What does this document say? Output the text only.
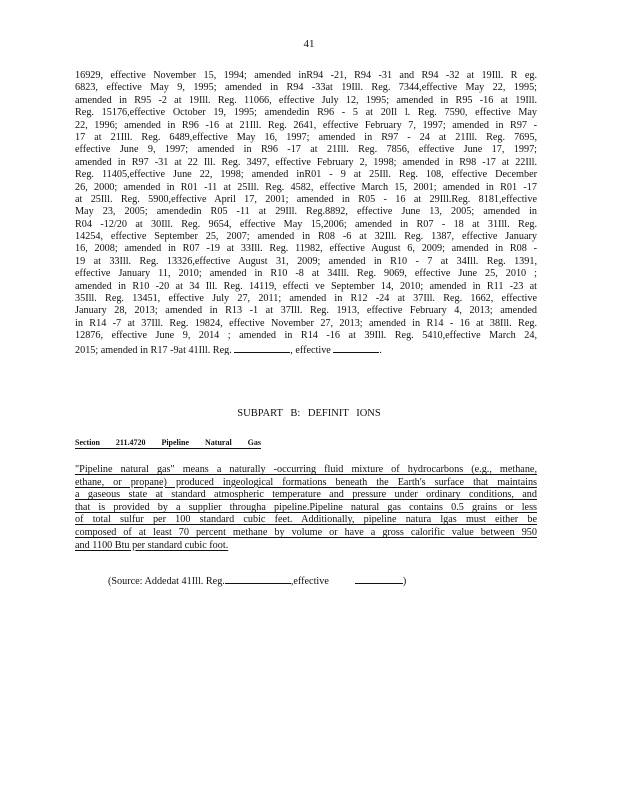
41
16929, effective November 15, 1994; amended inR94 -21, R94 -31 and R94 -32 at 19Ill. R eg.
6823, effective May 9, 1995; amended in R94 -33at 19Ill. Reg. 7344,effective May 22, 1995;
amended in R95 -2 at 19Ill. Reg. 11066, effective July 12, 1995; amended in R95 -16 at 19Ill.
Reg. 15176,effective October 19, 1995; amendedin R96 - 5 at 20Il l. Reg. 7590, effective May
22, 1996; amended in R96 -16 at 21Ill. Reg. 2641, effective February 7, 1997; amended in R97 -
17 at 21Ill. Reg. 6489,effective May 16, 1997; amended in R97 - 24 at 21Ill. Reg. 7695,
effective June 9, 1997; amended in R96 -17 at 21Ill. Reg. 7856, effective June 17, 1997;
amended in R97 -31 at 22 Ill. Reg. 3497, effective February 2, 1998; amended in R98 -17 at 22Ill.
Reg. 11405,effective June 22, 1998; amended inR01 - 9 at 25Ill. Reg. 108, effective December
26, 2000; amended in R01 -11 at 25Ill. Reg. 4582, effective March 15, 2001; amended in R01 -17
at 25Ill. Reg. 5900,effective April 17, 2001; amended in R05 - 16 at 29Ill.Reg. 8181,effective
May 23, 2005; amendedin R05 -11 at 29Ill. Reg.8892, effective June 13, 2005; amended in
R04 -12/20 at 30Ill. Reg. 9654, effective May 15,2006; amended in R07 - 18 at 31Ill. Reg.
14254, effective September 25, 2007; amended in R08 -6 at 32Ill. Reg. 1387, effective January
16, 2008; amended in R07 -19 at 33Ill. Reg. 11982, effective August 6, 2009; amended in R08 -
19 at 33Ill. Reg. 13326,effective August 31, 2009; amended in R10 - 7 at 34Ill. Reg. 1391,
effective January 11, 2010; amended in R10 -8 at 34Ill. Reg. 9069, effective June 25, 2010 ;
amended in R10 -20 at 34 Ill. Reg. 14119, effecti ve September 14, 2010; amended in R11 -23 at
35Ill. Reg. 13451, effective July 27, 2011; amended in R12 -24 at 37Ill. Reg. 1662, effective
January 28, 2013; amended in R13 -1 at 37Ill. Reg. 1913, effective February 4, 2013; amended
in R14 -7 at 37Ill. Reg. 19824, effective November 27, 2013; amended in R14 - 16 at 38Ill. Reg.
12876, effective June 9, 2014 ; amended in R14 -16 at 39Ill. Reg. 5410,effective March 24,
2015; amended in R17 -9at 41Ill. Reg.	, effective	.
SUBPART B: DEFINIT IONS
Section 211.4720 Pipeline Natural Gas
"Pipeline natural gas" means a naturally -occurring fluid mixture of hydrocarbons (e.g., methane,
ethane, or propane) produced ingeological formations beneath the Earth's surface that maintains
a gaseous state at standard atmospheric temperature and pressure under ordinary conditions, and
that is provided by a supplier througha pipeline.Pipeline natural gas contains 0.5 grains or less
of total sulfur per 100 standard cubic feet. Additionally, pipeline natura lgas must either be
composed of at least 70 percent methane by volume or have a gross calorific value between 950
and 1100 Btu per standard cubic foot.
(Source: Addedat 41Ill. Reg.	,effective	)
